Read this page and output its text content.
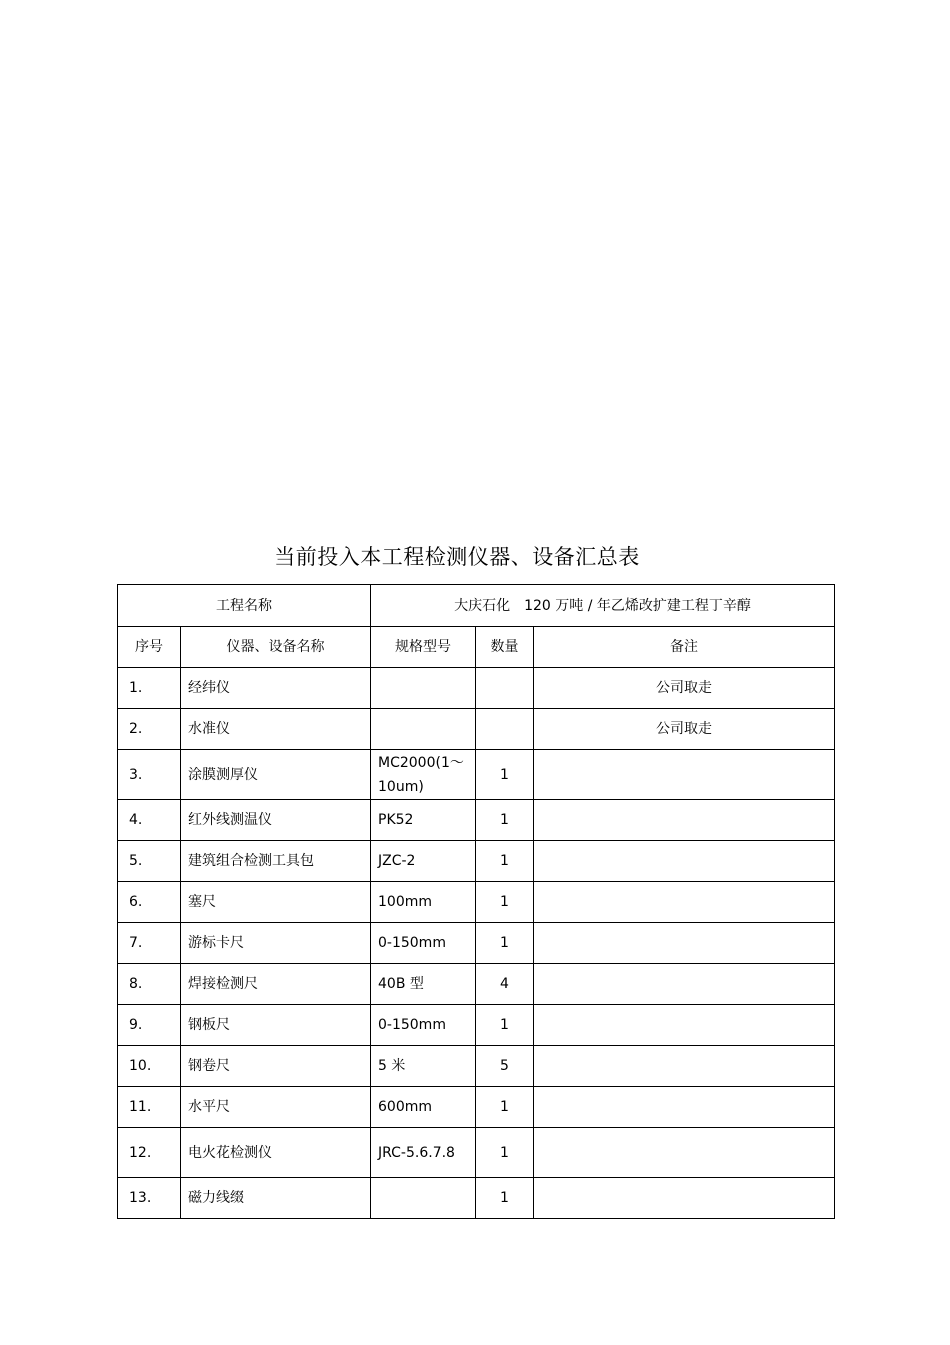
当前投入本工程检测仪器、设备汇总表
工程名称		大庆石化　120 万吨 / 年乙烯改扩建工程丁辛醇		
序号	仪器、设备名称	规格型号	数量	备注
1.	经纬仪			公司取走
2.	水准仪			公司取走
3.	涂膜测厚仪	MC2000(1～10um)	1	
4.	红外线测温仪	PK52	1	
5.	建筑组合检测工具包	JZC-2	1	
6.	塞尺	100mm	1	
7.	游标卡尺	0-150mm	1	
8.	焊接检测尺	40B 型	4	
9.	钢板尺	0-150mm	1	
10.	钢卷尺	5 米	5	
11.	水平尺	600mm	1	
12.	电火花检测仪	JRC-5.6.7.8	1	
13.	磁力线缀		1	
